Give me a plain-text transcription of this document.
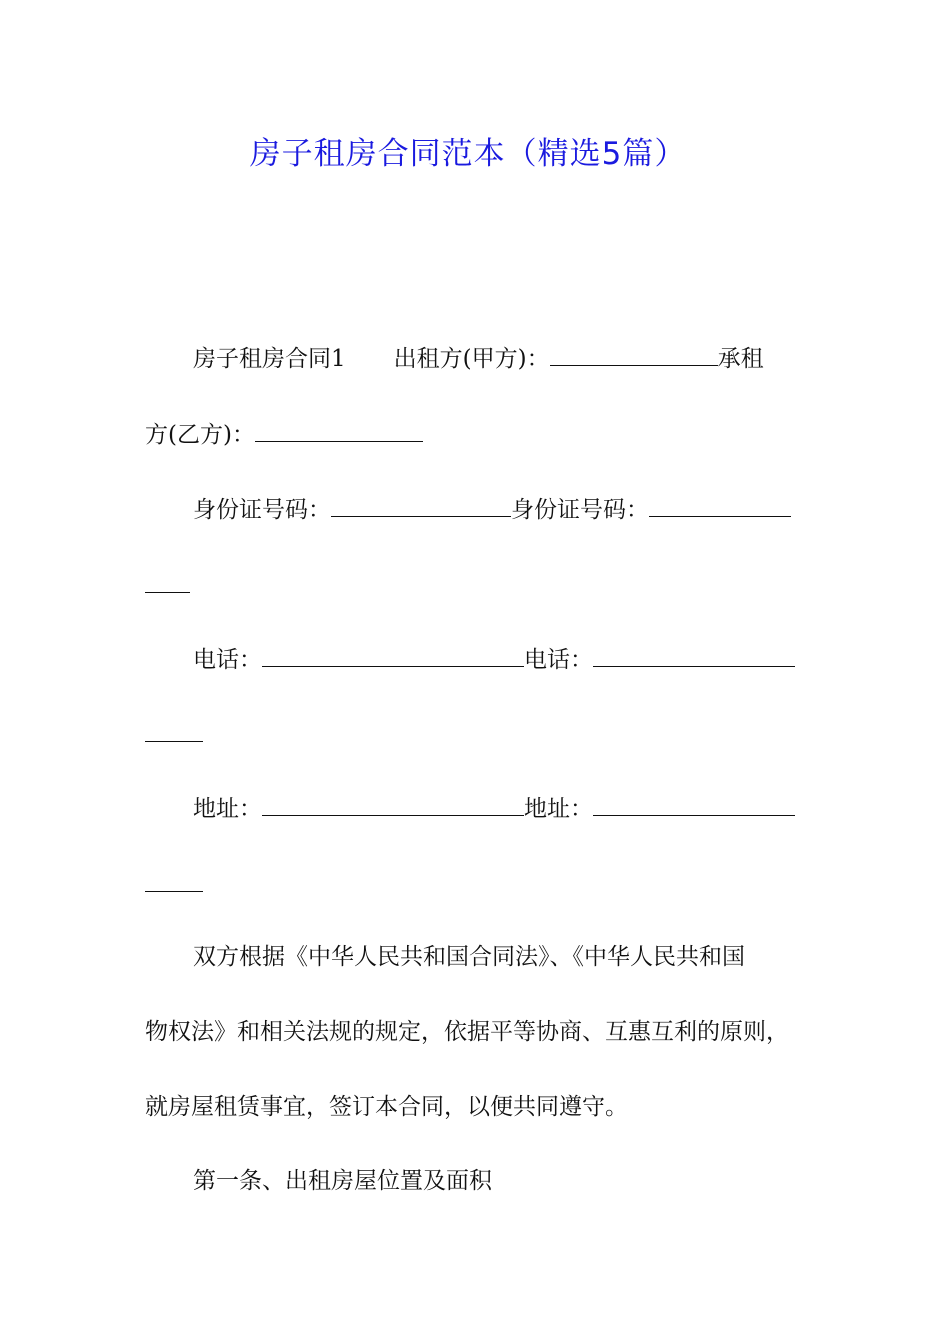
房子租房合同范本（精选5篇）
房子租房合同1 出租方(甲方)：	承租
方(乙方)：
身份证号码：	身份证号码：
电话：	电话：
地址：	地址：
双方根据《中华人民共和国合同法》、《中华人民共和国
物权法》和相关法规的规定，依据平等协商、互惠互利的原则，
就房屋租赁事宜，签订本合同，以便共同遵守。
第一条、出租房屋位置及面积
